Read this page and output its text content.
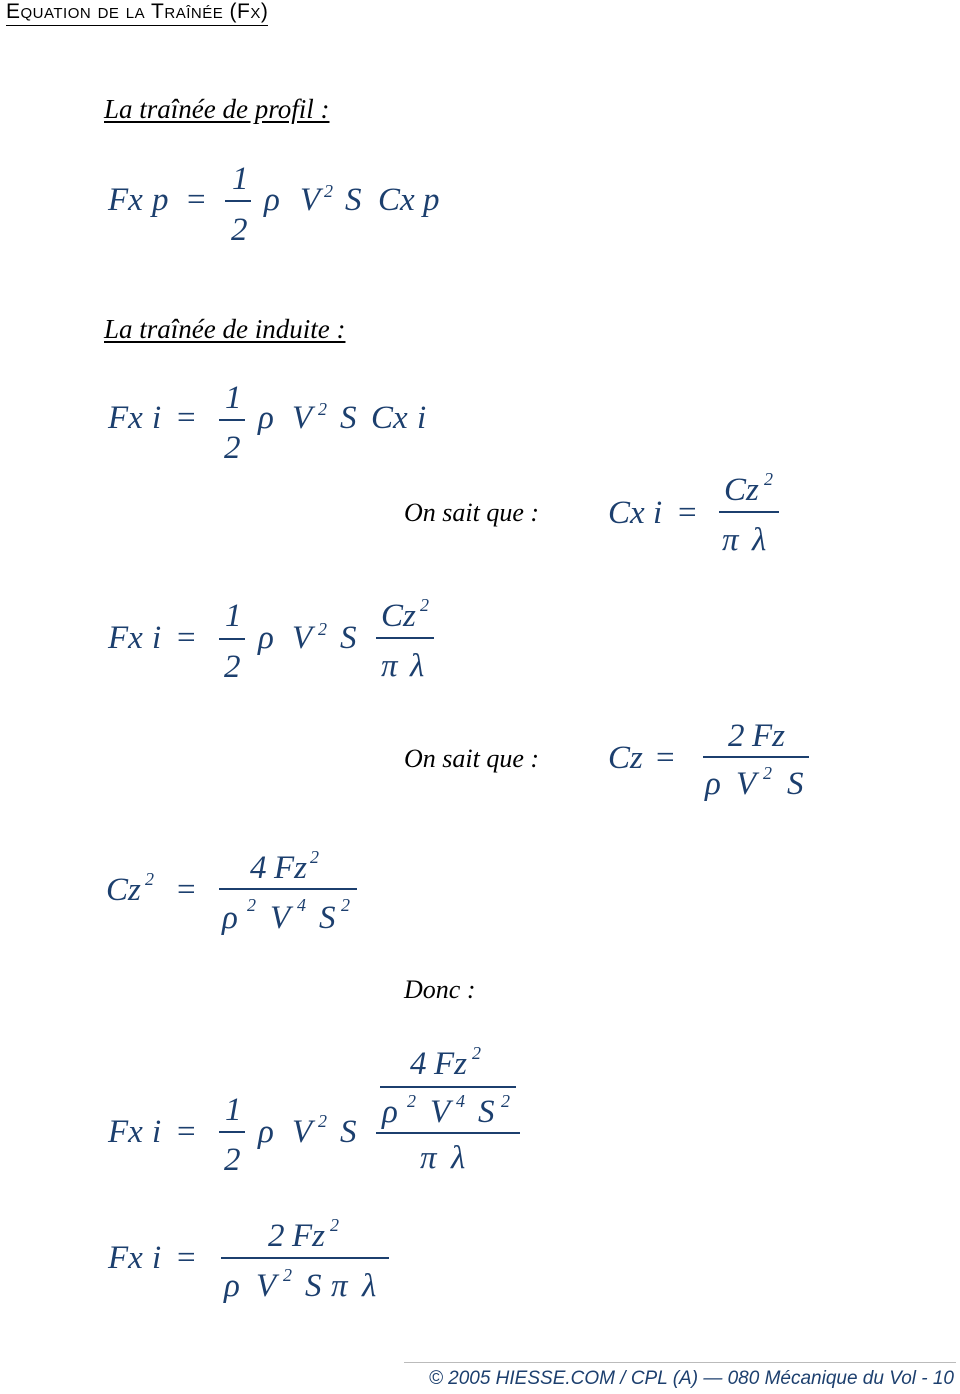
Equation de la Traînée (Fx)
La traînée de profil :
Fx p =
1
2
ρ V 2 S Cx p
La traînée de induite :
Fx i =
1
2
ρ V 2 S Cx i
On sait que : Cx i =
Cz 2
π λ
Fx i =
1
2
ρ V 2 S
Cz 2
π λ
On sait que : Cz =
2 Fz
ρ V 2 S
Cz 2 =
4 Fz 2
ρ 2 V 4 S 2
Donc :
Fx i =
1
2
ρ V 2 S
4 Fz 2
ρ 2 V 4 S 2
π λ
Fx i =
2 Fz 2
ρ V 2 S π λ
© 2005 HIESSE.COM / CPL (A) — 080 Mécanique du Vol - 10
